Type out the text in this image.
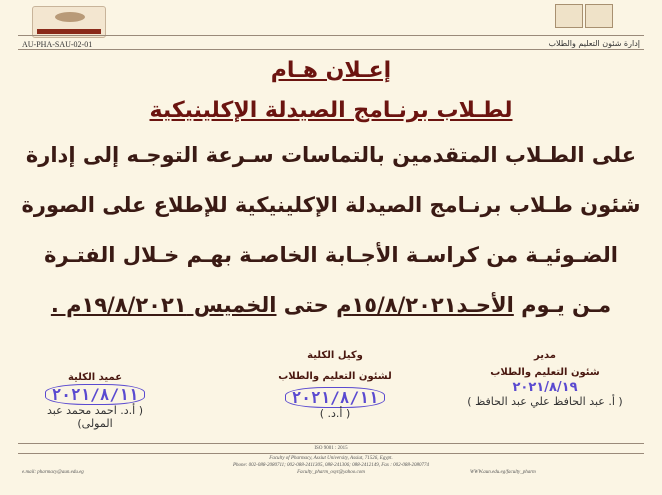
AU-PHA-SAU-02-01	إدارة شئون التعليم والطلاب
إعـلان هـام
لطـلاب برنـامج الصيدلة الإكلينيكية
على الطـلاب المتقدمين بالتماسات سـرعة التوجـه إلى إدارة
شئون طـلاب برنـامج الصيدلة الإكلينيكية للإطلاع على الصورة
الضـوئيـة من كراسـة الأجـابة الخاصـة بهـم خـلال الفتـرة
مـن يـوم الأحـد١٥/٨/٢٠٢١م حتى الخميس ١٩/٨/٢٠٢١م .
مدير
شئون التعليم والطلاب
٢٠٢١/٨/١٩
( أ. عبد الحافظ علي عبد الحافظ )
وكيل الكلية
لشئون التعليم والطلاب
٢٠٢١/٨/١١
( أ.د. )
عميد الكلية
٢٠٢١/٨/١١
( أ.د. احمد محمد عبد المولى)
ISO 9001 : 2015
Faculty of Pharmacy, Assiut University, Assiut, 71526, Egypt.
Phone: 002-088-2080711; 002-088-2411305, 088-241306; 088-2412149, Fax : 002-088-2080774
Faculty_pharm_osyt@yahoo.com
e.mail: pharmacy@aun.edu.eg	WWW.aun.edu.eg/faculty_pharm
